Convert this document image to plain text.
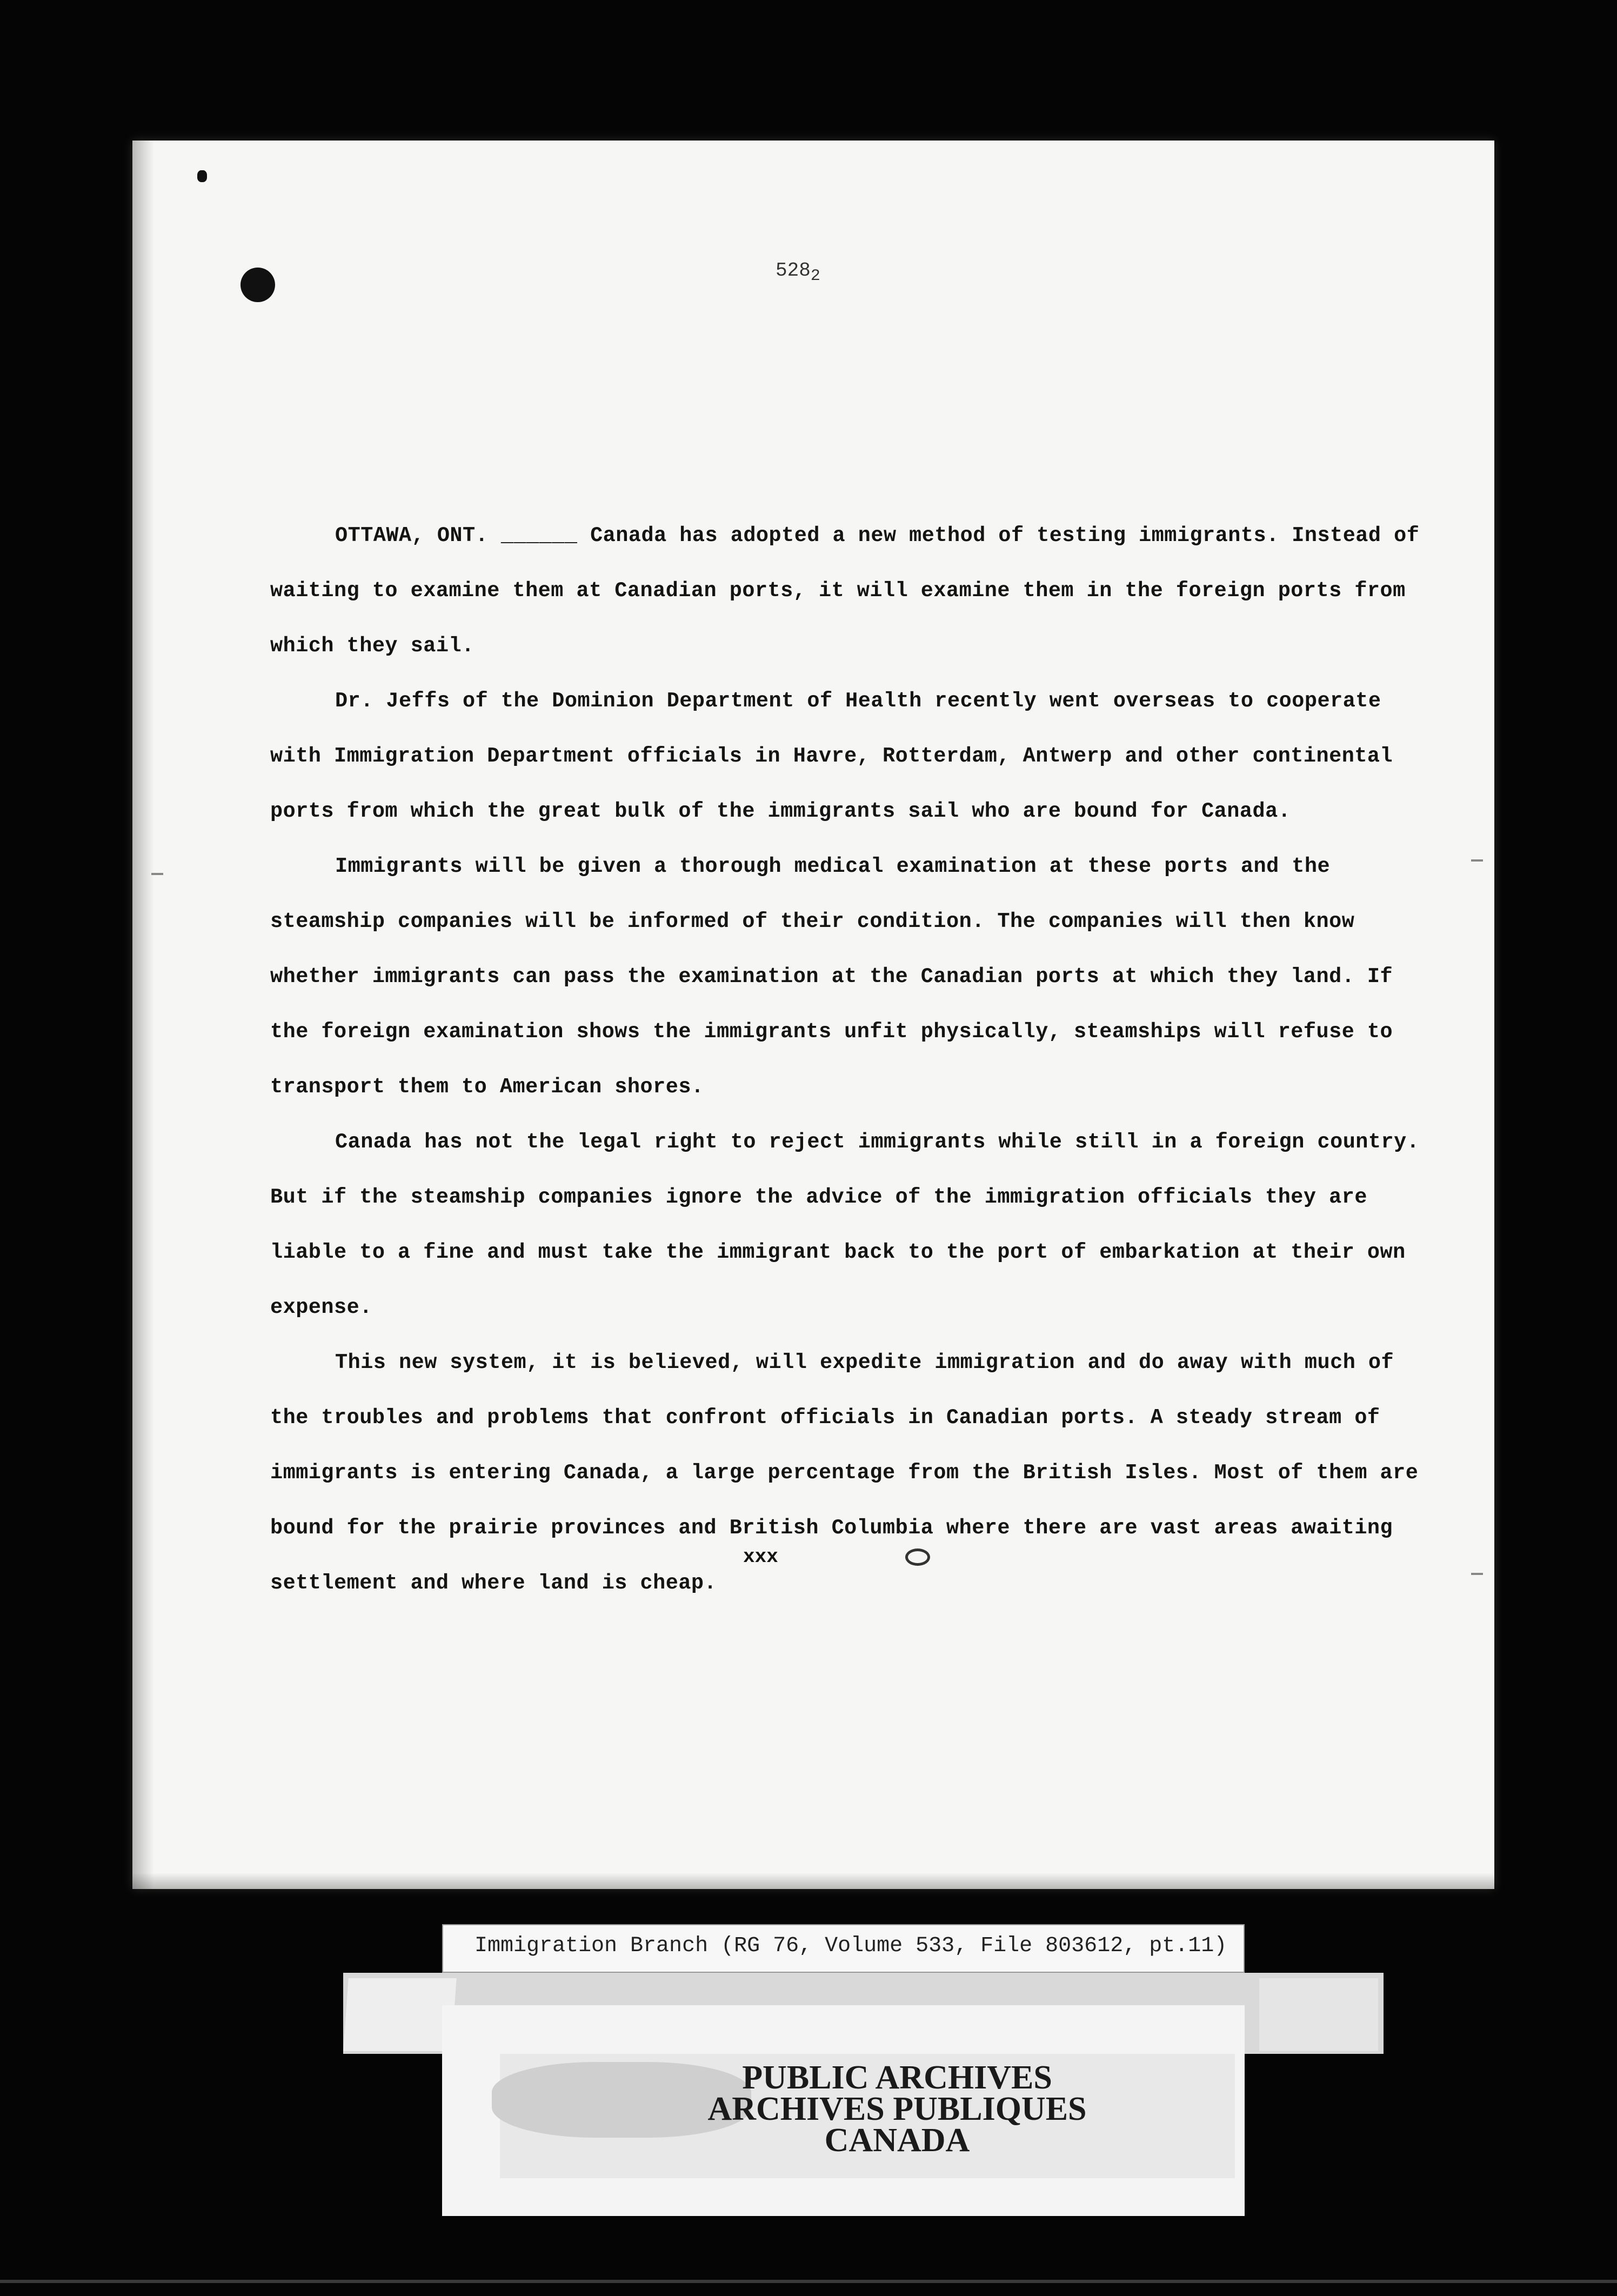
$528_2$

OTTAWA, ONT. ______ Canada has adopted a new method of testing immigrants. Instead of waiting to examine them at Canadian ports, it will examine them in the foreign ports from which they sail.

Dr. Jeffs of the Dominion Department of Health recently went overseas to cooperate with Immigration Department officials in Havre, Rotterdam, Antwerp and other continental ports from which the great bulk of the immigrants sail who are bound for Canada.

Immigrants will be given a thorough medical examination at these ports and the steamship companies will be informed of their condition. The companies will then know whether immigrants can pass the examination at the Canadian ports at which they land. If the foreign examination shows the immigrants unfit physically, steamships will refuse to transport them to American shores.

Canada has not the legal right to reject immigrants while still in a foreign country. But if the steamship companies ignore the advice of the immigration officials they are liable to a fine and must take the immigrant back to the port of embarkation at their own expense.

This new system, it is believed, will expedite immigration and do away with much of the troubles and problems that confront officials in Canadian ports. A steady stream of immigrants is entering Canada, a large percentage from the British Isles. Most of them are bound for the prairie provinces and British Columbia where there are vast areas awaiting settlement and where land is cheap.

xxx
Immigration Branch (RG 76, Volume 533, File 803612, pt.11)
PUBLIC ARCHIVES
ARCHIVES PUBLIQUES
CANADA
